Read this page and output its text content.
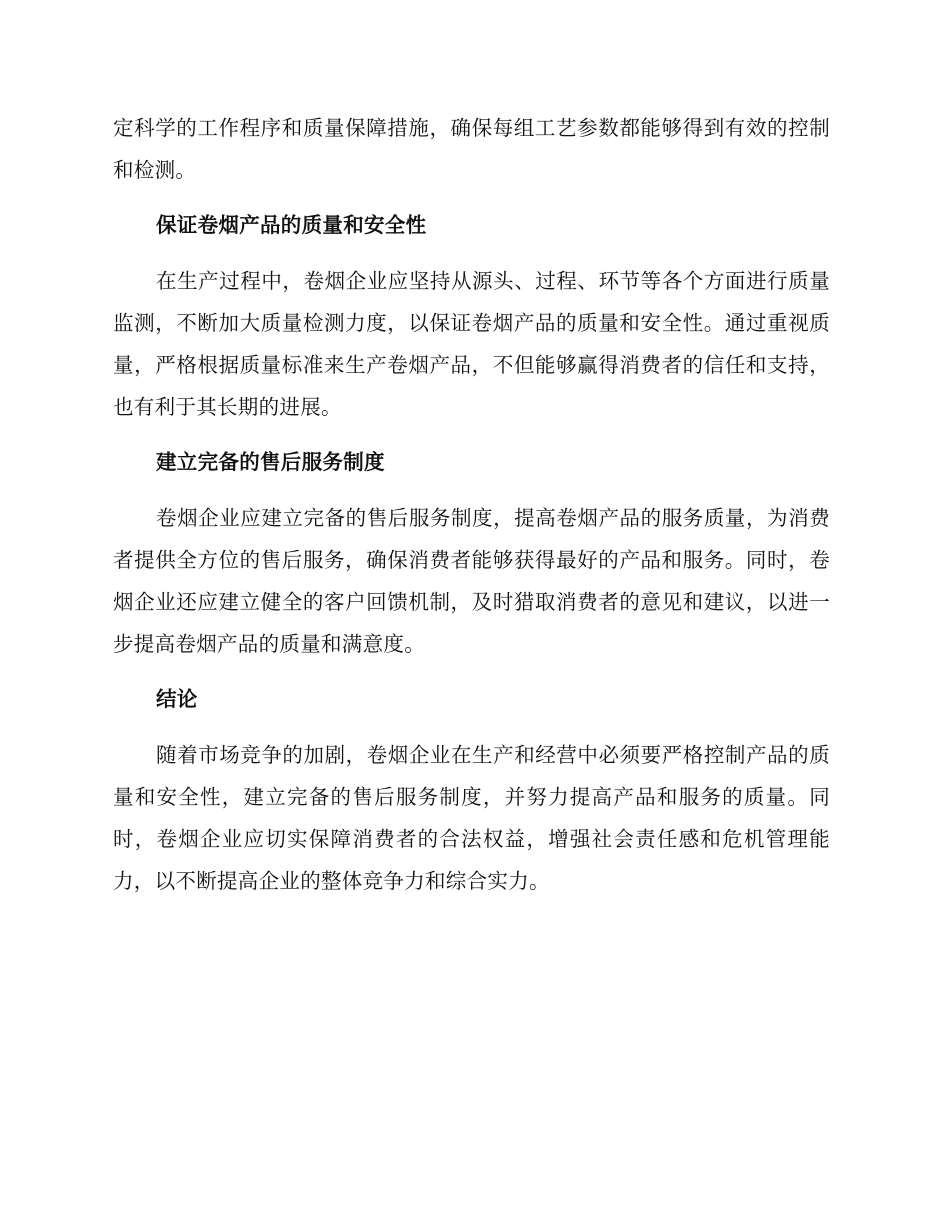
定科学的工作程序和质量保障措施，确保每组工艺参数都能够得到有效的控制和检测。

保证卷烟产品的质量和安全性

在生产过程中，卷烟企业应坚持从源头、过程、环节等各个方面进行质量监测，不断加大质量检测力度，以保证卷烟产品的质量和安全性。通过重视质量，严格根据质量标准来生产卷烟产品，不但能够赢得消费者的信任和支持，也有利于其长期的进展。

建立完备的售后服务制度

卷烟企业应建立完备的售后服务制度，提高卷烟产品的服务质量，为消费者提供全方位的售后服务，确保消费者能够获得最好的产品和服务。同时，卷烟企业还应建立健全的客户回馈机制，及时猎取消费者的意见和建议，以进一步提高卷烟产品的质量和满意度。

结论

随着市场竞争的加剧，卷烟企业在生产和经营中必须要严格控制产品的质量和安全性，建立完备的售后服务制度，并努力提高产品和服务的质量。同时，卷烟企业应切实保障消费者的合法权益，增强社会责任感和危机管理能力，以不断提高企业的整体竞争力和综合实力。
